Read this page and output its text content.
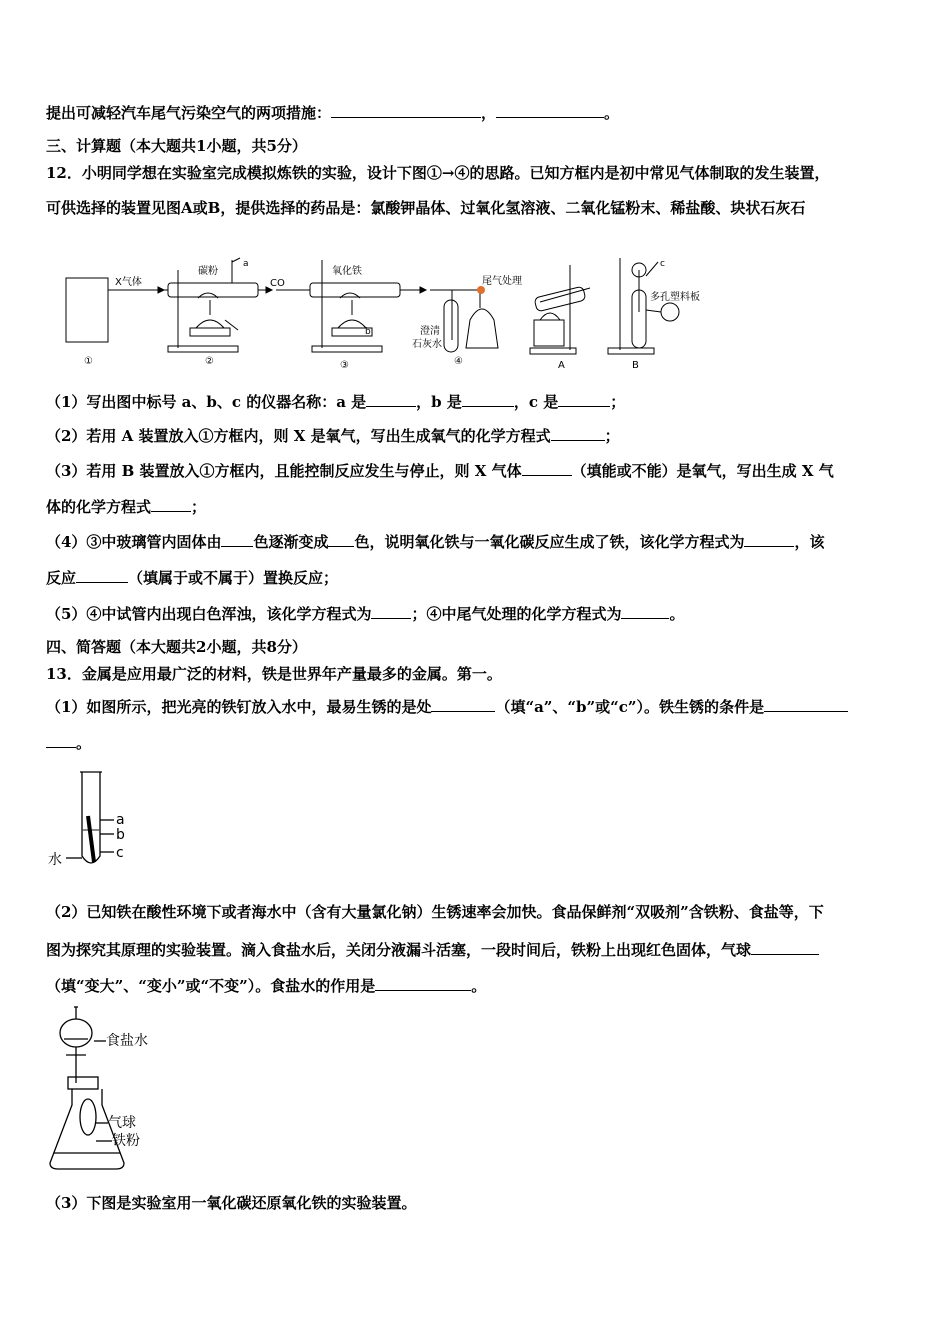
提出可减轻汽车尾气污染空气的两项措施：	，	。
三、计算题（本大题共1小题，共5分）
12．小明同学想在实验室完成模拟炼铁的实验，设计下图①→④的思路。已知方框内是初中常见气体制取的发生装置，
可供选择的装置见图A或B，提供选择的药品是：氯酸钾晶体、过氧化氢溶液、二氧化锰粉末、稀盐酸、块状石灰石
X气体
碳粉
a
CO
氧化铁
b
尾气处理
澄清
石灰水
c
多孔塑料板
①	②	③	④	A	B
（1）写出图中标号 a、b、c 的仪器名称：a 是	，b 是	，c 是	；
（2）若用 A 装置放入①方框内，则 X 是氧气，写出生成氧气的化学方程式	；
（3）若用 B 装置放入①方框内，且能控制反应发生与停止，则 X 气体	（填能或不能）是氧气，写出生成 X 气
体的化学方程式	；
（4）③中玻璃管内固体由 色逐渐变成 色，说明氧化铁与一氧化碳反应生成了铁，该化学方程式为	，该
反应	（填属于或不属于）置换反应；
（5）④中试管内出现白色浑浊，该化学方程式为	；④中尾气处理的化学方程式为	。
四、简答题（本大题共2小题，共8分）
13．金属是应用最广泛的材料，铁是世界年产量最多的金属。第一。
（1）如图所示，把光亮的铁钉放入水中，最易生锈的是处	（填“a”、“b”或“c”）。铁生锈的条件是
。
a
b
c
水
（2）已知铁在酸性环境下或者海水中（含有大量氯化钠）生锈速率会加快。食品保鲜剂“双吸剂”含铁粉、食盐等，下
图为探究其原理的实验装置。滴入食盐水后，关闭分液漏斗活塞，一段时间后，铁粉上出现红色固体，气球
（填“变大”、“变小”或“不变”）。食盐水的作用是	。
食盐水
气球
铁粉
（3）下图是实验室用一氧化碳还原氧化铁的实验装置。
